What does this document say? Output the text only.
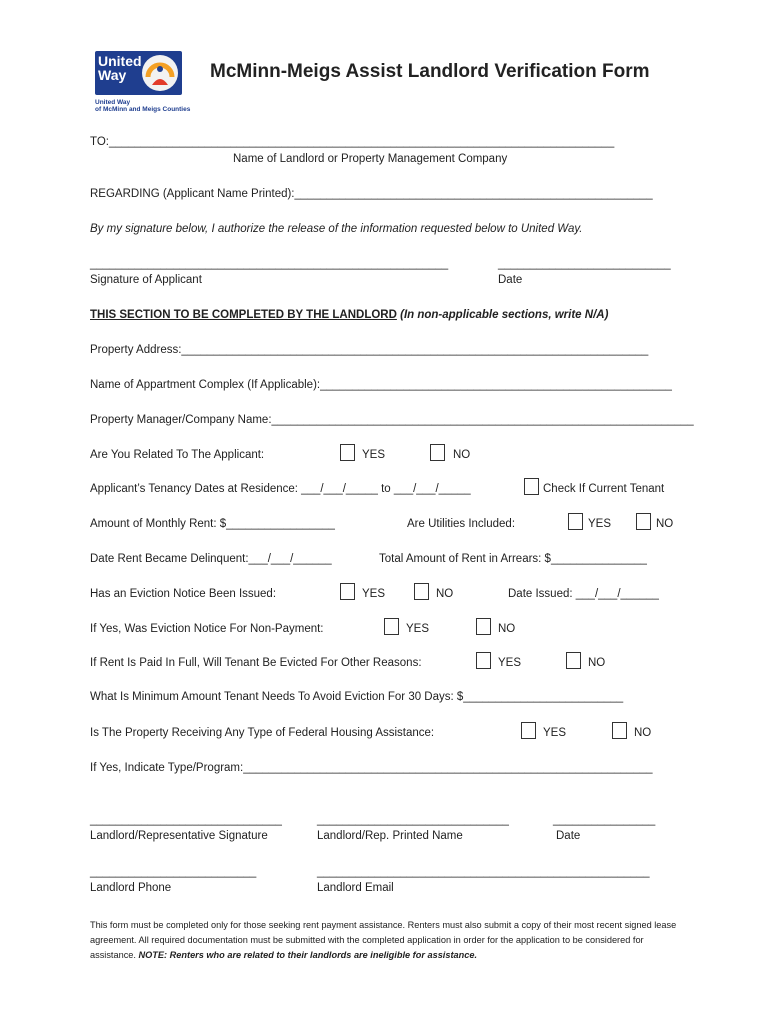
United
Way
United Way
of McMinn and Meigs Counties
McMinn-Meigs Assist Landlord Verification Form
TO:_______________________________________________________________________________
Name of Landlord or Property Management Company
REGARDING (Applicant Name Printed):________________________________________________________
By my signature below, I authorize the release of the information requested below to United Way.
________________________________________________________	___________________________
Signature of Applicant	Date
THIS SECTION TO BE COMPLETED BY THE LANDLORD (In non-applicable sections, write N/A)
Property Address:_________________________________________________________________________
Name of Appartment Complex (If Applicable):_______________________________________________________
Property Manager/Company Name:__________________________________________________________________
Are You Related To The Applicant:	YES	NO
Applicant’s Tenancy Dates at Residence: ___/___/_____ to ___/___/_____	Check If Current Tenant
Amount of Monthly Rent: $_________________	Are Utilities Included:	YES	NO
Date Rent Became Delinquent:___/___/______	Total Amount of Rent in Arrears: $_______________
Has an Eviction Notice Been Issued:	YES	NO	Date Issued: ___/___/______
If Yes, Was Eviction Notice For Non-Payment:	YES	NO
If Rent Is Paid In Full, Will Tenant Be Evicted For Other Reasons:	YES	NO
What Is Minimum Amount Tenant Needs To Avoid Eviction For 30 Days: $_________________________
Is The Property Receiving Any Type of Federal Housing Assistance:	YES	NO
If Yes, Indicate Type/Program:________________________________________________________________
______________________________	______________________________	________________
Landlord/Representative Signature	Landlord/Rep. Printed Name	Date
__________________________	____________________________________________________
Landlord Phone	Landlord Email
This form must be completed only for those seeking rent payment assistance. Renters must also submit a copy of their most recent signed lease agreement. All required documentation must be submitted with the completed application in order for the application to be considered for assistance. NOTE: Renters who are related to their landlords are ineligible for assistance.
